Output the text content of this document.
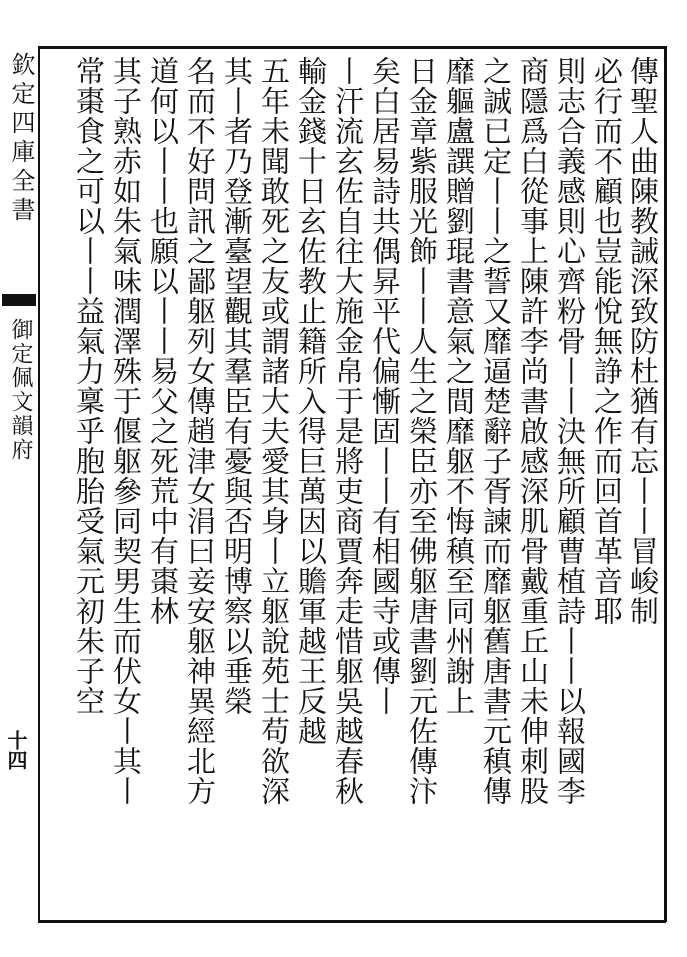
欽定四庫全書
御定佩文韻府
十四
傳聖人曲陳教誡深致防杜猶有忘丨丨冒峻制
必行而不顧也豈能悅無諍之作而回首革音耶
則志合義感則心齊粉骨丨丨決無所顧曹植詩丨丨以報國李
商隱爲白從事上陳許李尚書啟感深肌骨戴重丘山未伸刺股
之誠已定丨丨之誓又靡逼楚辭子胥諫而靡躯舊唐書元稹傳
靡軀盧譔贈劉琨書意氣之間靡躯不悔稹至同州謝上
日金章紫服光飾丨丨人生之榮臣亦至佛躯唐書劉元佐傳汴
矣白居易詩共偶昇平代偏慚固丨丨有相國寺或傳丨
丨汗流玄佐自往大施金帛于是將吏商賈奔走惜躯吳越春秋
輸金錢十日玄佐教止籍所入得巨萬因以贍軍越王反越
五年未聞敢死之友或謂諸大夫愛其身丨立躯說苑士苟欲深
其丨者乃登漸臺望觀其羣臣有憂與否明博察以垂榮
名而不好問訊之鄙躯列女傳趙津女涓曰妾安躯神異經北方
道何以丨丨也願以丨丨易父之死荒中有棗林
其子熟赤如朱氣味潤澤殊于偃躯參同契男生而伏女丨其丨
常棗食之可以丨丨益氣力稟乎胞胎受氣元初朱子空
